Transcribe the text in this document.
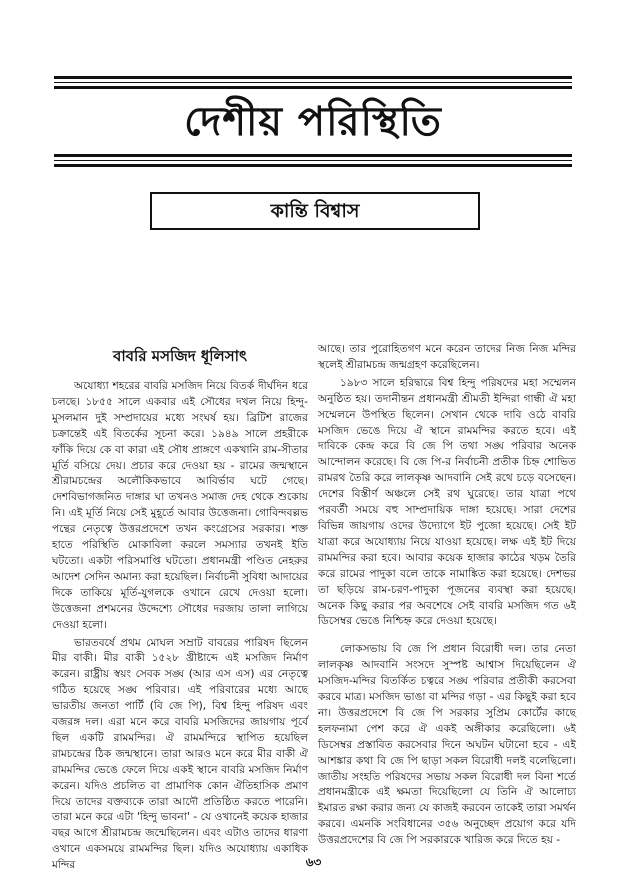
দেশীয় পরিস্থিতি
কান্তি বিশ্বাস
বাবরি মসজিদ ধূলিসাৎ

অযোধ্যা শহরের বাবরি মসজিদ নিয়ে বিতর্ক দীর্ঘদিন ধরে চলছে। ১৮৫৫ সালে একবার এই সৌধের দখল নিয়ে হিন্দু-মুসলমান দুই সম্প্রদায়ের মধ্যে সংঘর্ষ হয়। ব্রিটিশ রাজের চক্রান্তেই এই বিতর্কের সূচনা করে। ১৯৪৯ সালে প্রহরীকে ফাঁকি দিয়ে কে বা কারা এই সৌধ প্রাঙ্গণে একখানি রাম-সীতার মূর্তি বসিয়ে দেয়। প্রচার করে দেওয়া হয় - রামের জন্মস্থানে শ্রীরামচন্দ্রের অলৌকিকভাবে আবির্ভাব ঘটে গেছে। দেশবিভাগজনিত দাঙ্গার ঘা তখনও সমাজ দেহ থেকে শুকোয় নি। এই মূর্তি নিয়ে সেই মুহূর্তে আবার উত্তেজনা। গোবিন্দবল্লভ পন্থের নেতৃত্বে উত্তরপ্রদেশে তখন কংগ্রেসের সরকার। শক্ত হাতে পরিস্থিতি মোকাবিলা করলে সমস্যার তখনই ইতি ঘটতো। একটা পরিসমাপ্তি ঘটতো। প্রধানমন্ত্রী পণ্ডিত নেহরুর আদেশ সেদিন অমান্য করা হয়েছিল। নির্বাচনী সুবিধা আদায়ের দিকে তাকিয়ে মূর্তি-যুগলকে ওখানে রেখে দেওয়া হলো। উত্তেজনা প্রশমনের উদ্দেশ্যে সৌধের দরজায় তালা লাগিয়ে দেওয়া হলো।

ভারতবর্ষে প্রথম মোঘল সম্রাট বাবরের পারিষদ ছিলেন মীর বাকী। মীর বাকী ১৫২৮ খ্রীষ্টাব্দে এই মসজিদ নির্মাণ করেন। রাষ্ট্রীয় স্বয়ং সেবক সঙ্ঘ (আর এস এস) এর নেতৃত্বে গঠিত হয়েছে সঙ্ঘ পরিবার। এই পরিবারের মধ্যে আছে ভারতীয় জনতা পার্টি (বি জে পি), বিশ্ব হিন্দু পরিষদ এবং বজরঙ্গ দল। এরা মনে করে বাবরি মসজিদের জায়গায় পূর্বে ছিল একটি রামমন্দির। ঐ রামমন্দিরে স্থাপিত হয়েছিল রামচন্দ্রের ঠিক জন্মস্থানে। তারা আরও মনে করে মীর বাকী ঐ রামমন্দির ভেঙে ফেলে দিয়ে একই স্থানে বাবরি মসজিদ নির্মাণ করেন। যদিও প্রচলিত বা প্রামাণিক কোন ঐতিহাসিক প্রমাণ দিয়ে তাদের বক্তব্যকে তারা আদৌ প্রতিষ্ঠিত করতে পারেনি। তারা মনে করে এটা 'হিন্দু ভাবনা' - যে ওখানেই কয়েক হাজার বছর আগে শ্রীরামচন্দ্র জন্মেছিলেন। এবং এটাও তাদের ধারণা ওখানে একসময়ে রামমন্দির ছিল। যদিও অযোধ্যায় একাধিক মন্দির

আছে। তার পুরোহিতগণ মনে করেন তাদের নিজ নিজ মন্দির স্থলেই শ্রীরামচন্দ্র জন্মগ্রহণ করেছিলেন।

১৯৮৩ সালে হরিদ্বারে বিশ্ব হিন্দু পরিষদের মহা সম্মেলন অনুষ্ঠিত হয়। তদানীন্তন প্রধানমন্ত্রী শ্রীমতী ইন্দিরা গান্ধী ঐ মহা সম্মেলনে উপস্থিত ছিলেন। সেখান থেকে দাবি ওঠে বাবরি মসজিদ ভেঙে দিয়ে ঐ স্থানে রামমন্দির করতে হবে। এই দাবিকে কেন্দ্র করে বি জে পি তথা সঙ্ঘ পরিবার অনেক আন্দোলন করেছে। বি জে পি-র নির্বাচনী প্রতীক চিহ্ন শোভিত রামরথ তৈরি করে লালকৃষ্ণ আদবানি সেই রথে চড়ে বসেছেন। দেশের বিস্তীর্ণ অঞ্চলে সেই রথ ঘুরেছে। তার যাত্রা পথে পরবর্তী সময়ে বহু সাম্প্রদায়িক দাঙ্গা হয়েছে। সারা দেশের বিভিন্ন জায়গায় ওদের উদ্যোগে ইট পুজো হয়েছে। সেই ইট যাত্রা করে অযোধ্যায় নিয়ে যাওয়া হয়েছে। লক্ষ এই ইট দিয়ে রামমন্দির করা হবে। আবার কয়েক হাজার কাঠের খড়ম তৈরি করে রামের পাদুকা বলে তাকে নামাঙ্কিত করা হয়েছে। দেশভর তা ছড়িয়ে রাম-চরণ-পাদুকা পূজনের ব্যবস্থা করা হয়েছে। অনেক কিছু করার পর অবশেষে সেই বাবরি মসজিদ গত ৬ই ডিসেম্বর ভেঙে নিশ্চিহ্ন করে দেওয়া হয়েছে।

লোকসভায় বি জে পি প্রধান বিরোধী দল। তার নেতা লালকৃষ্ণ আদবানি সংসদে সুস্পষ্ট আশ্বাস দিয়েছিলেন ঐ মসজিদ-মন্দির বিতর্কিত চত্বরে সঙ্ঘ পরিবার প্রতীকী করসেবা করবে মাত্র। মসজিদ ভাঙা বা মন্দির গড়া - এর কিছুই করা হবে না। উত্তরপ্রদেশে বি জে পি সরকার সুপ্রিম কোর্টের কাছে হলফনামা পেশ করে ঐ একই অঙ্গীকার করেছিলো। ৬ই ডিসেম্বর প্রস্তাবিত করসেবার দিনে অঘটন ঘটানো হবে - এই আশঙ্কার কথা বি জে পি ছাড়া সকল বিরোধী দলই বলেছিলো। জাতীয় সংহতি পরিষদের সভায় সকল বিরোধী দল বিনা শর্তে প্রধানমন্ত্রীকে এই ক্ষমতা দিয়েছিলো যে তিনি ঐ আলোচ্য ইমারত রক্ষা করার জন্য যে কাজই করবেন তাকেই তারা সমর্থন করবে। এমনকি সংবিধানের ৩৫৬ অনুচ্ছেদ প্রয়োগ করে যদি উত্তরপ্রদেশের বি জে পি সরকারকে খারিজ করে দিতে হয় -

৬৩
